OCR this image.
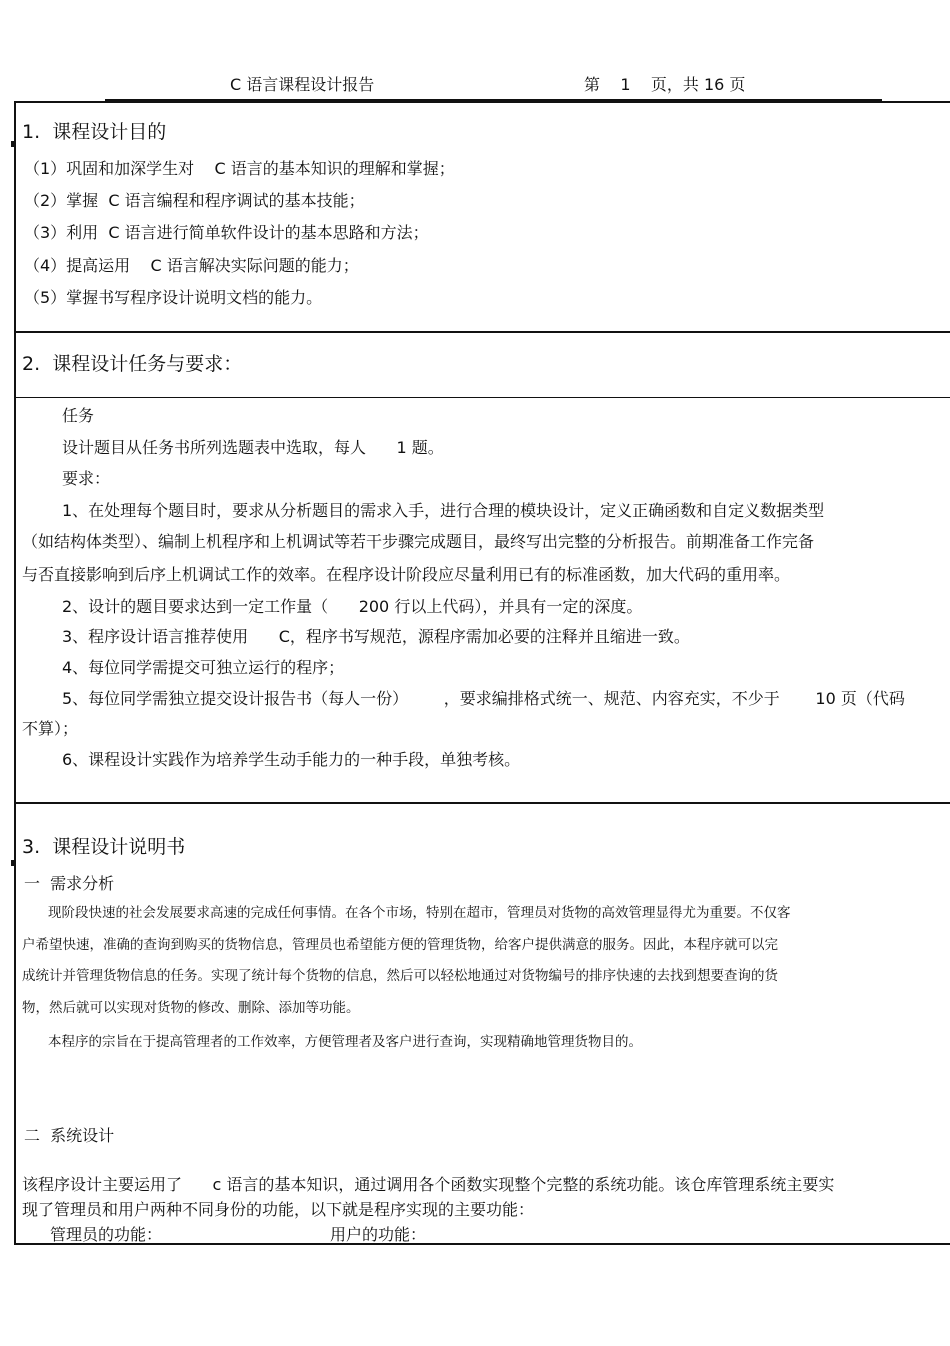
C 语言课程设计报告	第    1    页，共 16 页
1.  课程设计目的
（1）巩固和加深学生对    C 语言的基本知识的理解和掌握；
（2）掌握  C 语言编程和程序调试的基本技能；
（3）利用  C 语言进行简单软件设计的基本思路和方法；
（4）提高运用    C 语言解决实际问题的能力；
（5）掌握书写程序设计说明文档的能力。
2.  课程设计任务与要求：
任务
设计题目从任务书所列选题表中选取，每人      1 题。
要求：
1、在处理每个题目时，要求从分析题目的需求入手，进行合理的模块设计，定义正确函数和自定义数据类型
（如结构体类型）、编制上机程序和上机调试等若干步骤完成题目，最终写出完整的分析报告。前期准备工作完备
与否直接影响到后序上机调试工作的效率。在程序设计阶段应尽量利用已有的标准函数，加大代码的重用率。
2、设计的题目要求达到一定工作量（      200 行以上代码），并具有一定的深度。
3、程序设计语言推荐使用      C，程序书写规范，源程序需加必要的注释并且缩进一致。
4、每位同学需提交可独立运行的程序；
5、每位同学需独立提交设计报告书（每人一份）       ，要求编排格式统一、规范、内容充实，不少于       10 页（代码
不算）；
6、课程设计实践作为培养学生动手能力的一种手段，单独考核。
3.  课程设计说明书
一  需求分析
现阶段快速的社会发展要求高速的完成任何事情。在各个市场，特别在超市，管理员对货物的高效管理显得尤为重要。不仅客
户希望快速，准确的查询到购买的货物信息，管理员也希望能方便的管理货物，给客户提供满意的服务。因此，本程序就可以完
成统计并管理货物信息的任务。实现了统计每个货物的信息，然后可以轻松地通过对货物编号的排序快速的去找到想要查询的货
物，然后就可以实现对货物的修改、删除、添加等功能。
本程序的宗旨在于提高管理者的工作效率，方便管理者及客户进行查询，实现精确地管理货物目的。
二  系统设计
该程序设计主要运用了      c 语言的基本知识，通过调用各个函数实现整个完整的系统功能。该仓库管理系统主要实
现了管理员和用户两种不同身份的功能，以下就是程序实现的主要功能：
管理员的功能：	用户的功能：
